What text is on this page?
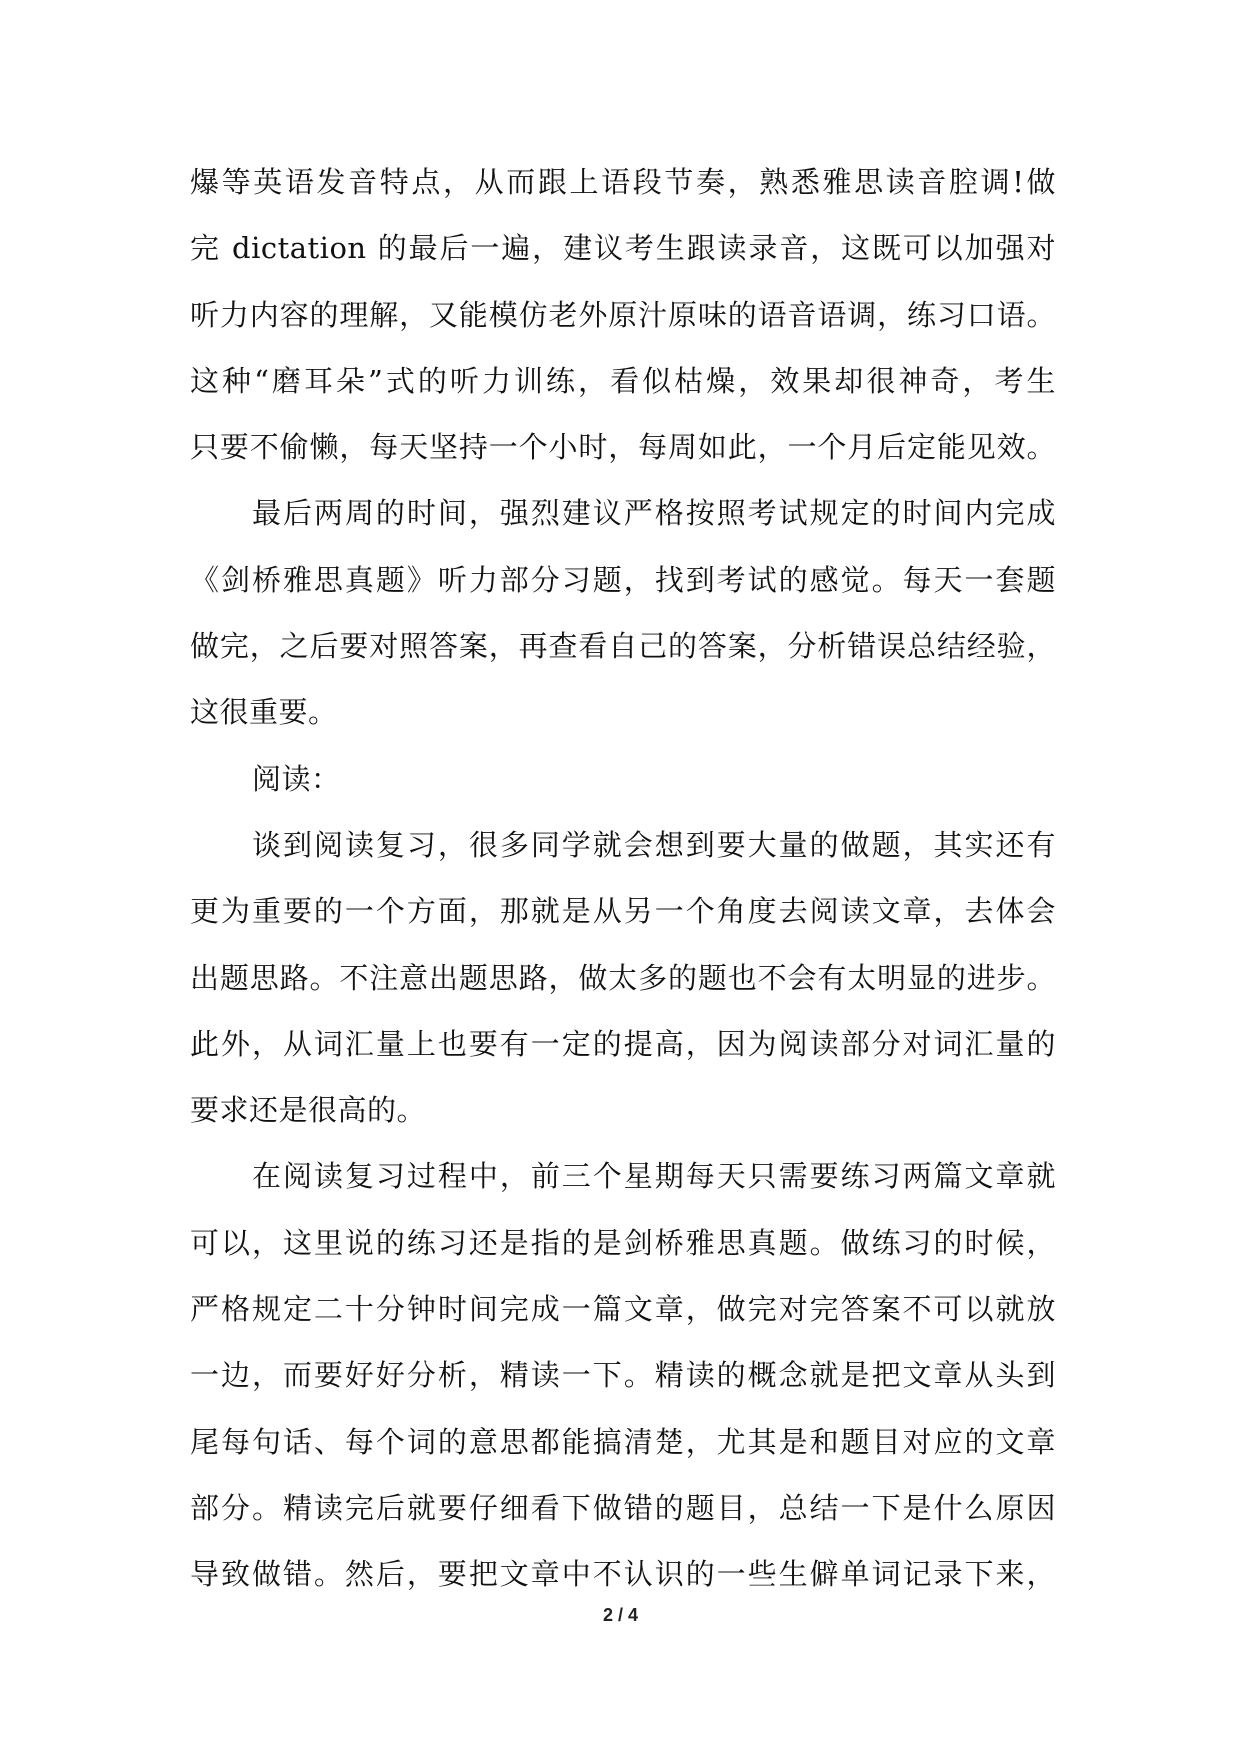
爆等英语发音特点，从而跟上语段节奏，熟悉雅思读音腔调!做
完 dictation 的最后一遍，建议考生跟读录音，这既可以加强对
听力内容的理解，又能模仿老外原汁原味的语音语调，练习口语。
这种“磨耳朵”式的听力训练，看似枯燥，效果却很神奇，考生
只要不偷懒，每天坚持一个小时，每周如此，一个月后定能见效。
最后两周的时间，强烈建议严格按照考试规定的时间内完成
《剑桥雅思真题》听力部分习题，找到考试的感觉。每天一套题
做完，之后要对照答案，再查看自己的答案，分析错误总结经验，
这很重要。
阅读：
谈到阅读复习，很多同学就会想到要大量的做题，其实还有
更为重要的一个方面，那就是从另一个角度去阅读文章，去体会
出题思路。不注意出题思路，做太多的题也不会有太明显的进步。
此外，从词汇量上也要有一定的提高，因为阅读部分对词汇量的
要求还是很高的。
在阅读复习过程中，前三个星期每天只需要练习两篇文章就
可以，这里说的练习还是指的是剑桥雅思真题。做练习的时候，
严格规定二十分钟时间完成一篇文章，做完对完答案不可以就放
一边，而要好好分析，精读一下。精读的概念就是把文章从头到
尾每句话、每个词的意思都能搞清楚，尤其是和题目对应的文章
部分。精读完后就要仔细看下做错的题目，总结一下是什么原因
导致做错。然后，要把文章中不认识的一些生僻单词记录下来，
2 / 4
